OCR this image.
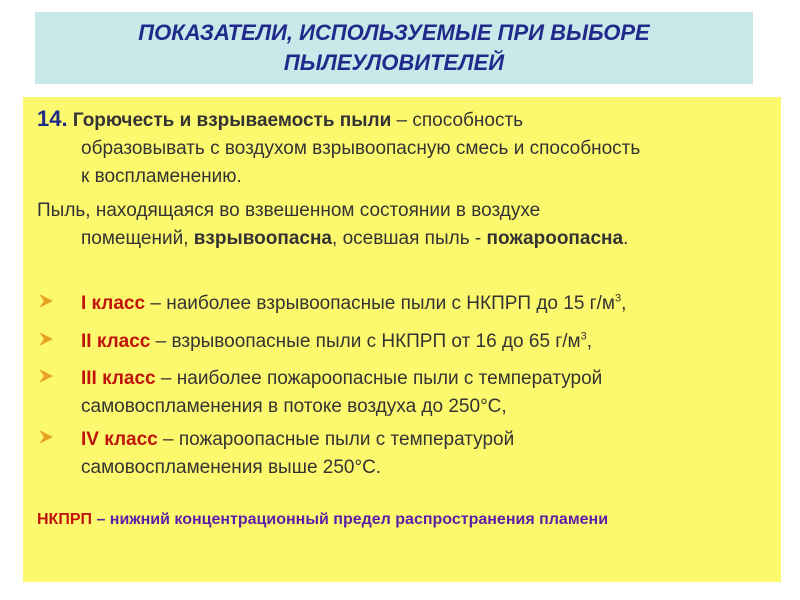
ПОКАЗАТЕЛИ, ИСПОЛЬЗУЕМЫЕ ПРИ ВЫБОРЕ
ПЫЛЕУЛОВИТЕЛЕЙ
14. Горючесть и взрываемость пыли – способность
образовывать с воздухом взрывоопасную смесь и способность
к воспламенению.
Пыль, находящаяся во взвешенном состоянии в воздухе
помещений, взрывоопасна, осевшая пыль - пожароопасна.
I класс – наиболее взрывоопасные пыли с НКПРП до 15 $г/м^3$,
II класс – взрывоопасные пыли с НКПРП от 16 до 65 $г/м^3$,
III класс – наиболее пожароопасные пыли с температурой
самовоспламенения в потоке воздуха до 250°С,
IV класс – пожароопасные пыли с температурой
самовоспламенения выше 250°С.
НКПРП – нижний концентрационный предел распространения пламени
